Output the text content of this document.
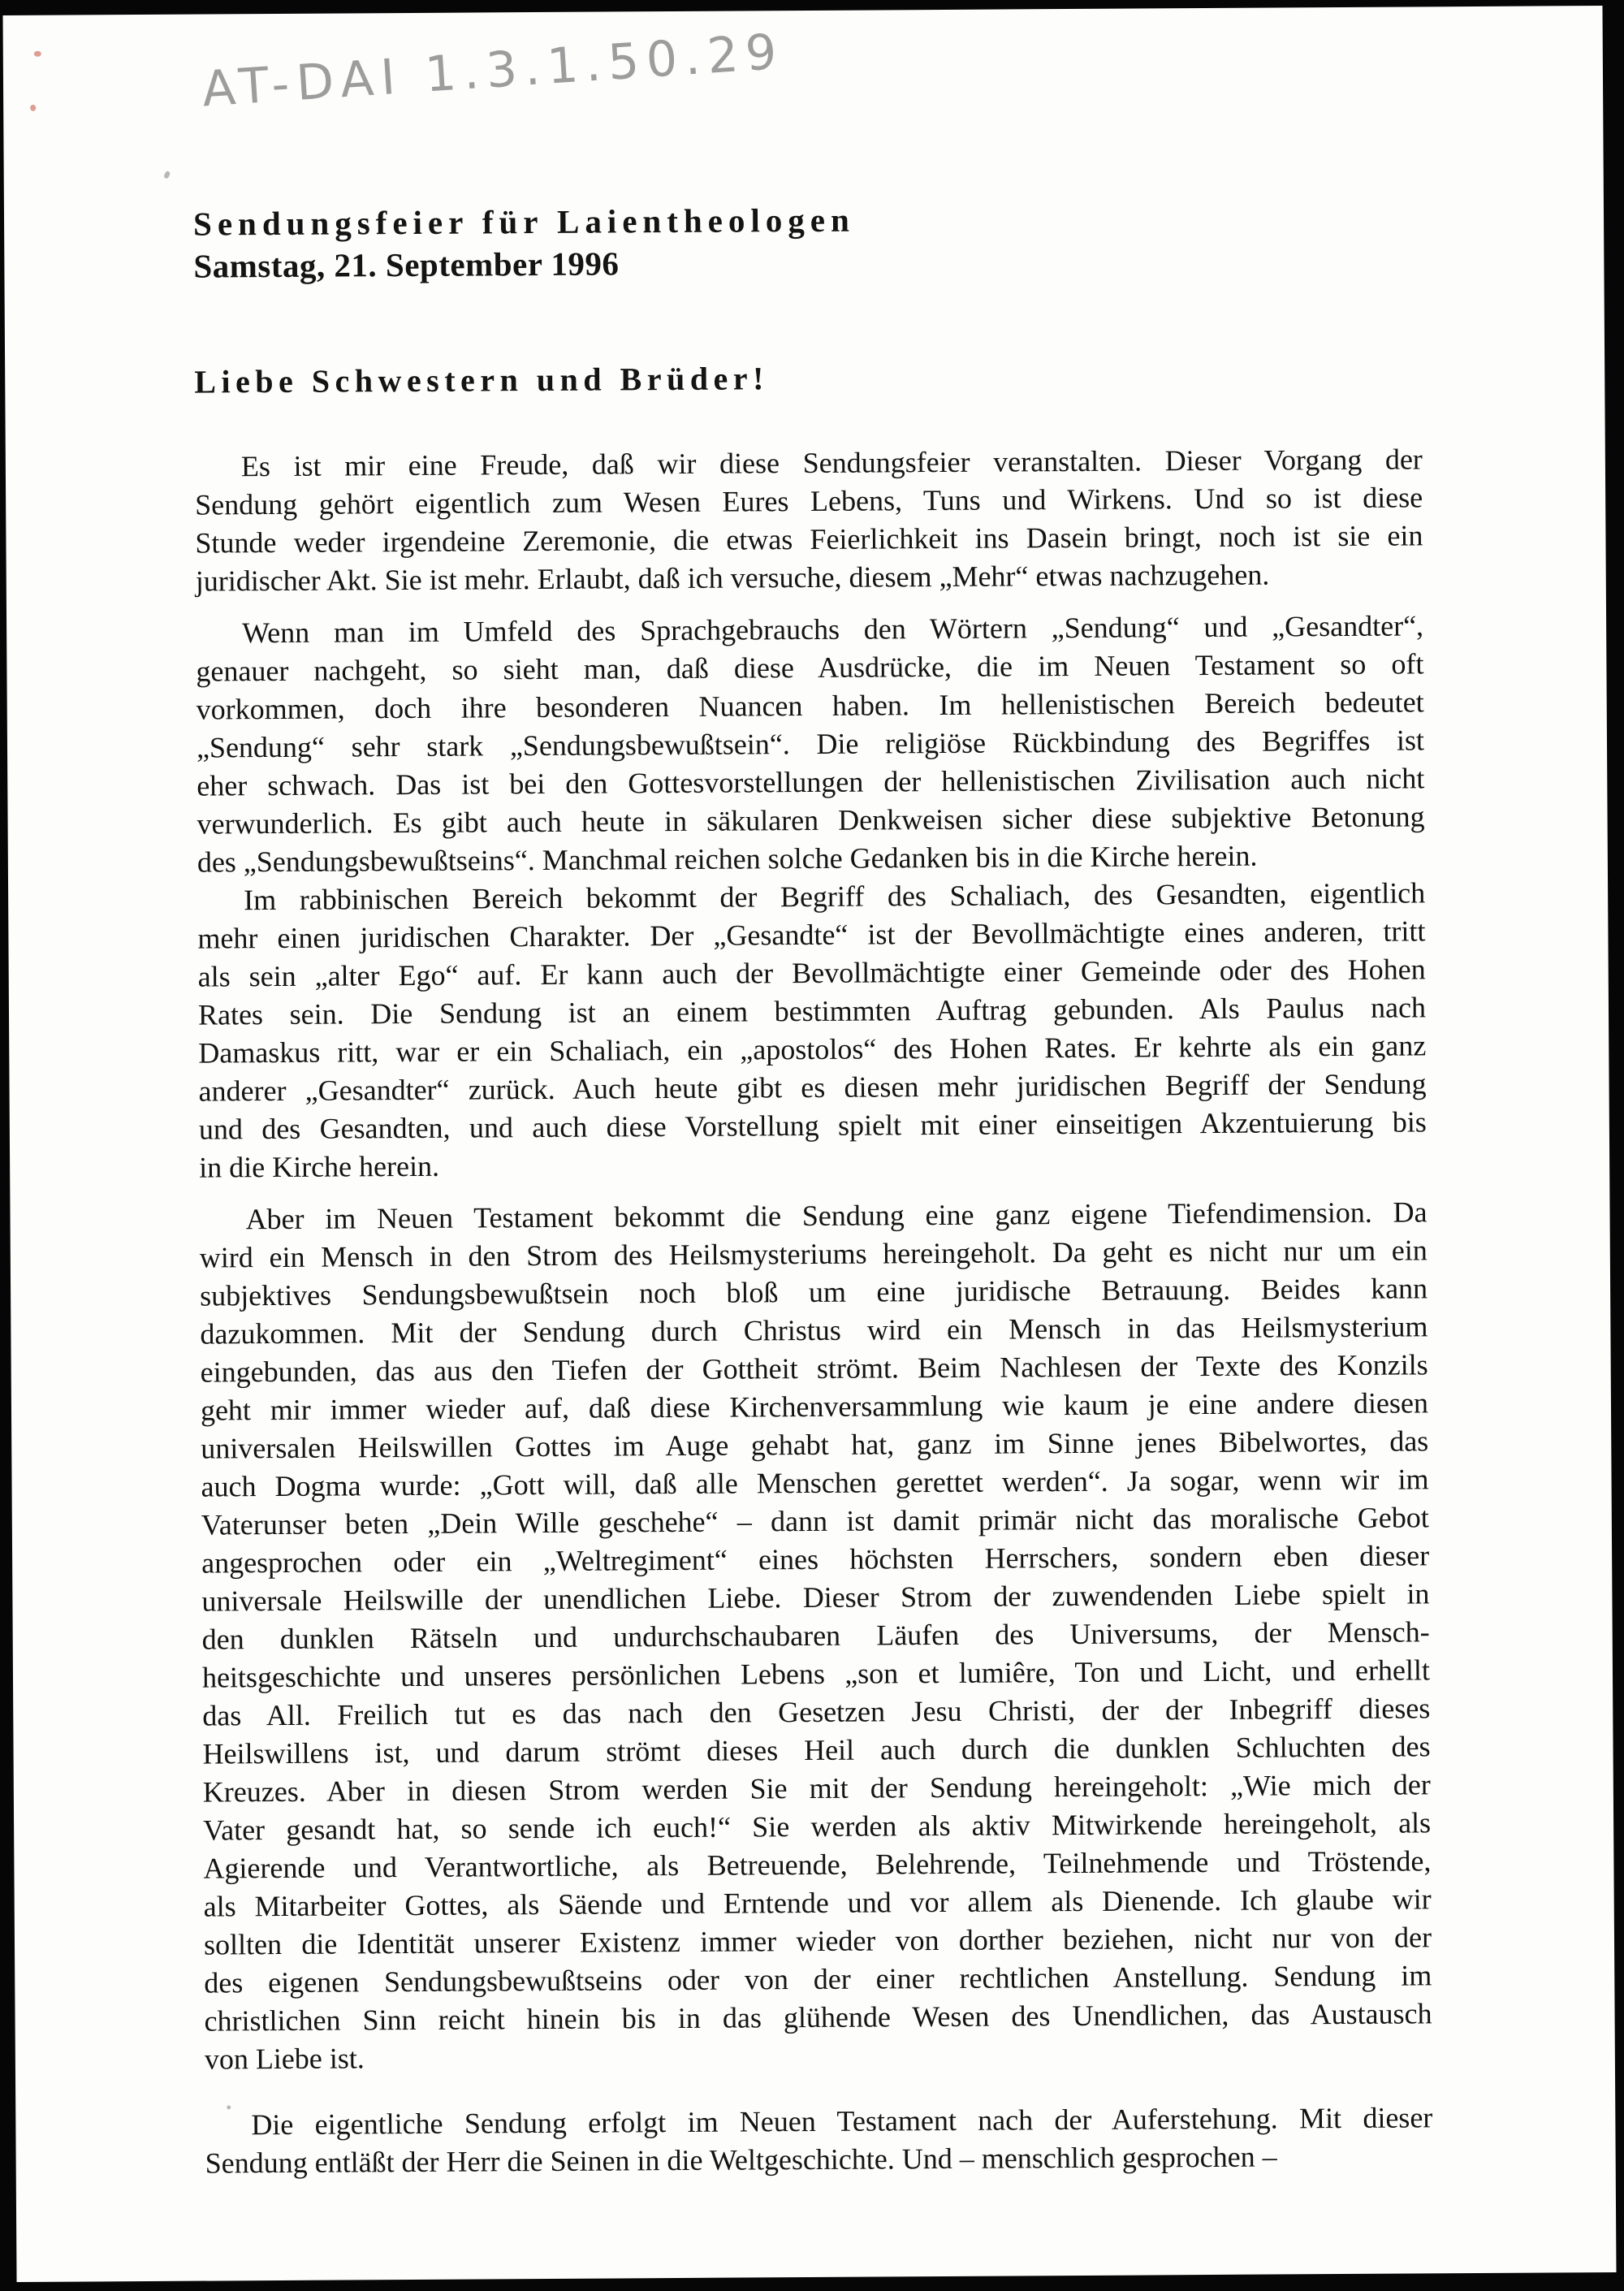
AT-DAI 1.3.1.50.29
Sendungsfeier für Laientheologen
Samstag, 21. September 1996
Liebe Schwestern und Brüder!
Es ist mir eine Freude, daß wir diese Sendungsfeier veranstalten. Dieser Vorgang der
Sendung gehört eigentlich zum Wesen Eures Lebens, Tuns und Wirkens. Und so ist diese
Stunde weder irgendeine Zeremonie, die etwas Feierlichkeit ins Dasein bringt, noch ist sie ein
juridischer Akt. Sie ist mehr. Erlaubt, daß ich versuche, diesem „Mehr“ etwas nachzugehen.
Wenn man im Umfeld des Sprachgebrauchs den Wörtern „Sendung“ und „Gesandter“,
genauer nachgeht, so sieht man, daß diese Ausdrücke, die im Neuen Testament so oft
vorkommen, doch ihre besonderen Nuancen haben. Im hellenistischen Bereich bedeutet
„Sendung“ sehr stark „Sendungsbewußtsein“. Die religiöse Rückbindung des Begriffes ist
eher schwach. Das ist bei den Gottesvorstellungen der hellenistischen Zivilisation auch nicht
verwunderlich. Es gibt auch heute in säkularen Denkweisen sicher diese subjektive Betonung
des „Sendungsbewußtseins“. Manchmal reichen solche Gedanken bis in die Kirche herein.
Im rabbinischen Bereich bekommt der Begriff des Schaliach, des Gesandten, eigentlich
mehr einen juridischen Charakter. Der „Gesandte“ ist der Bevollmächtigte eines anderen, tritt
als sein „alter Ego“ auf. Er kann auch der Bevollmächtigte einer Gemeinde oder des Hohen
Rates sein. Die Sendung ist an einem bestimmten Auftrag gebunden. Als Paulus nach
Damaskus ritt, war er ein Schaliach, ein „apostolos“ des Hohen Rates. Er kehrte als ein ganz
anderer „Gesandter“ zurück. Auch heute gibt es diesen mehr juridischen Begriff der Sendung
und des Gesandten, und auch diese Vorstellung spielt mit einer einseitigen Akzentuierung bis
in die Kirche herein.
Aber im Neuen Testament bekommt die Sendung eine ganz eigene Tiefendimension. Da
wird ein Mensch in den Strom des Heilsmysteriums hereingeholt. Da geht es nicht nur um ein
subjektives Sendungsbewußtsein noch bloß um eine juridische Betrauung. Beides kann
dazukommen. Mit der Sendung durch Christus wird ein Mensch in das Heilsmysterium
eingebunden, das aus den Tiefen der Gottheit strömt. Beim Nachlesen der Texte des Konzils
geht mir immer wieder auf, daß diese Kirchenversammlung wie kaum je eine andere diesen
universalen Heilswillen Gottes im Auge gehabt hat, ganz im Sinne jenes Bibelwortes, das
auch Dogma wurde: „Gott will, daß alle Menschen gerettet werden“. Ja sogar, wenn wir im
Vaterunser beten „Dein Wille geschehe“ – dann ist damit primär nicht das moralische Gebot
angesprochen oder ein „Weltregiment“ eines höchsten Herrschers, sondern eben dieser
universale Heilswille der unendlichen Liebe. Dieser Strom der zuwendenden Liebe spielt in
den dunklen Rätseln und undurchschaubaren Läufen des Universums, der Mensch-
heitsgeschichte und unseres persönlichen Lebens „son et lumiêre, Ton und Licht, und erhellt
das All. Freilich tut es das nach den Gesetzen Jesu Christi, der der Inbegriff dieses
Heilswillens ist, und darum strömt dieses Heil auch durch die dunklen Schluchten des
Kreuzes. Aber in diesen Strom werden Sie mit der Sendung hereingeholt: „Wie mich der
Vater gesandt hat, so sende ich euch!“ Sie werden als aktiv Mitwirkende hereingeholt, als
Agierende und Verantwortliche, als Betreuende, Belehrende, Teilnehmende und Tröstende,
als Mitarbeiter Gottes, als Säende und Erntende und vor allem als Dienende. Ich glaube wir
sollten die Identität unserer Existenz immer wieder von dorther beziehen, nicht nur von der
des eigenen Sendungsbewußtseins oder von der einer rechtlichen Anstellung. Sendung im
christlichen Sinn reicht hinein bis in das glühende Wesen des Unendlichen, das Austausch
von Liebe ist.
Die eigentliche Sendung erfolgt im Neuen Testament nach der Auferstehung. Mit dieser
Sendung entläßt der Herr die Seinen in die Weltgeschichte. Und – menschlich gesprochen –
